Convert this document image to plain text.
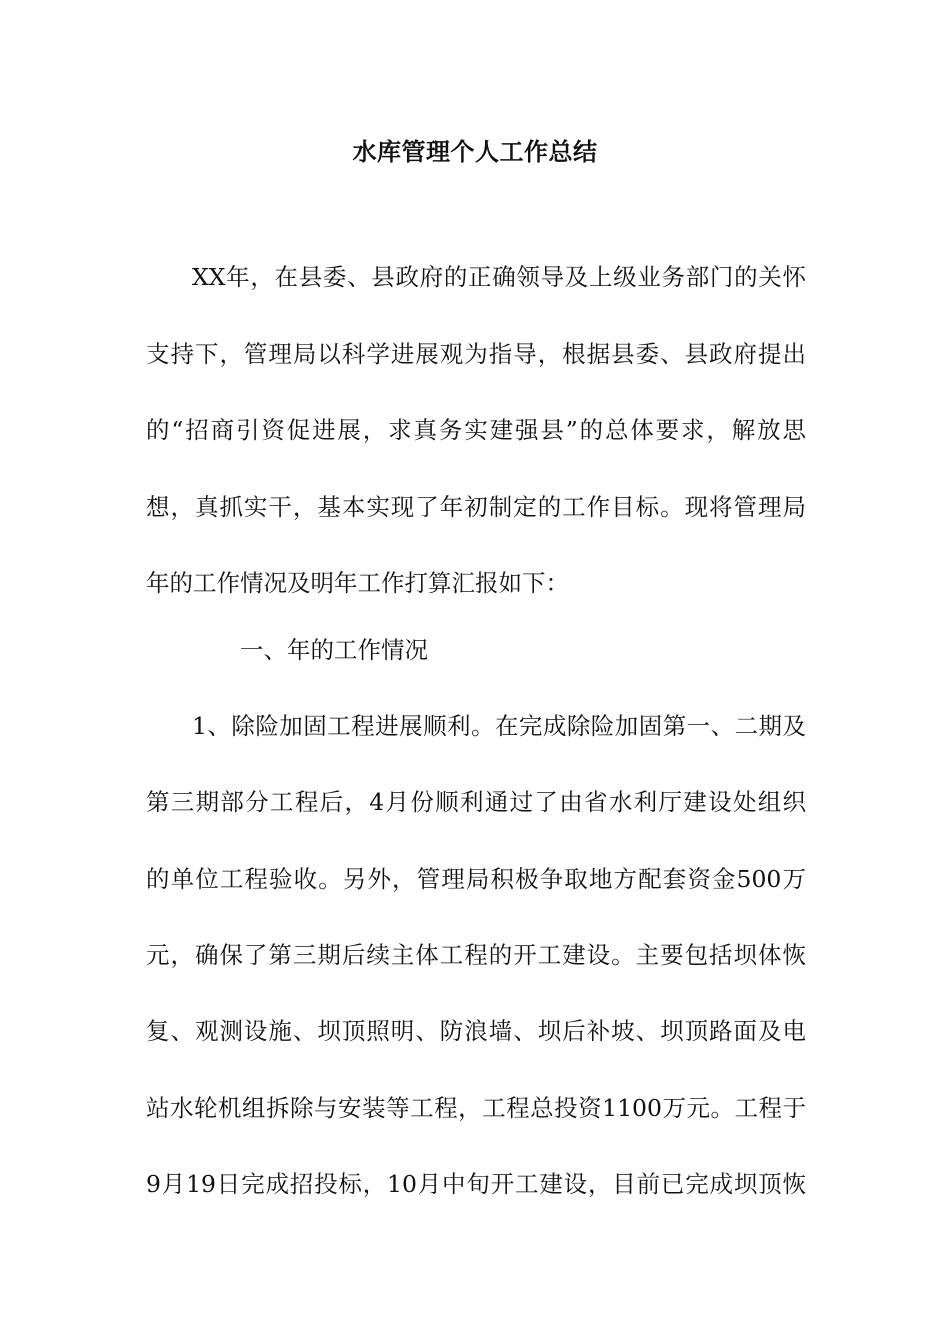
水库管理个人工作总结
XX年，在县委、县政府的正确领导及上级业务部门的关怀
支持下，管理局以科学进展观为指导，根据县委、县政府提出
的“招商引资促进展，求真务实建强县”的总体要求，解放思
想，真抓实干，基本实现了年初制定的工作目标。现将管理局
年的工作情况及明年工作打算汇报如下：
一、年的工作情况
1、除险加固工程进展顺利。在完成除险加固第一、二期及
第三期部分工程后，4月份顺利通过了由省水利厅建设处组织
的单位工程验收。另外，管理局积极争取地方配套资金500万
元，确保了第三期后续主体工程的开工建设。主要包括坝体恢
复、观测设施、坝顶照明、防浪墙、坝后补坡、坝顶路面及电
站水轮机组拆除与安装等工程，工程总投资1100万元。工程于
9月19日完成招投标，10月中旬开工建设，目前已完成坝顶恢
